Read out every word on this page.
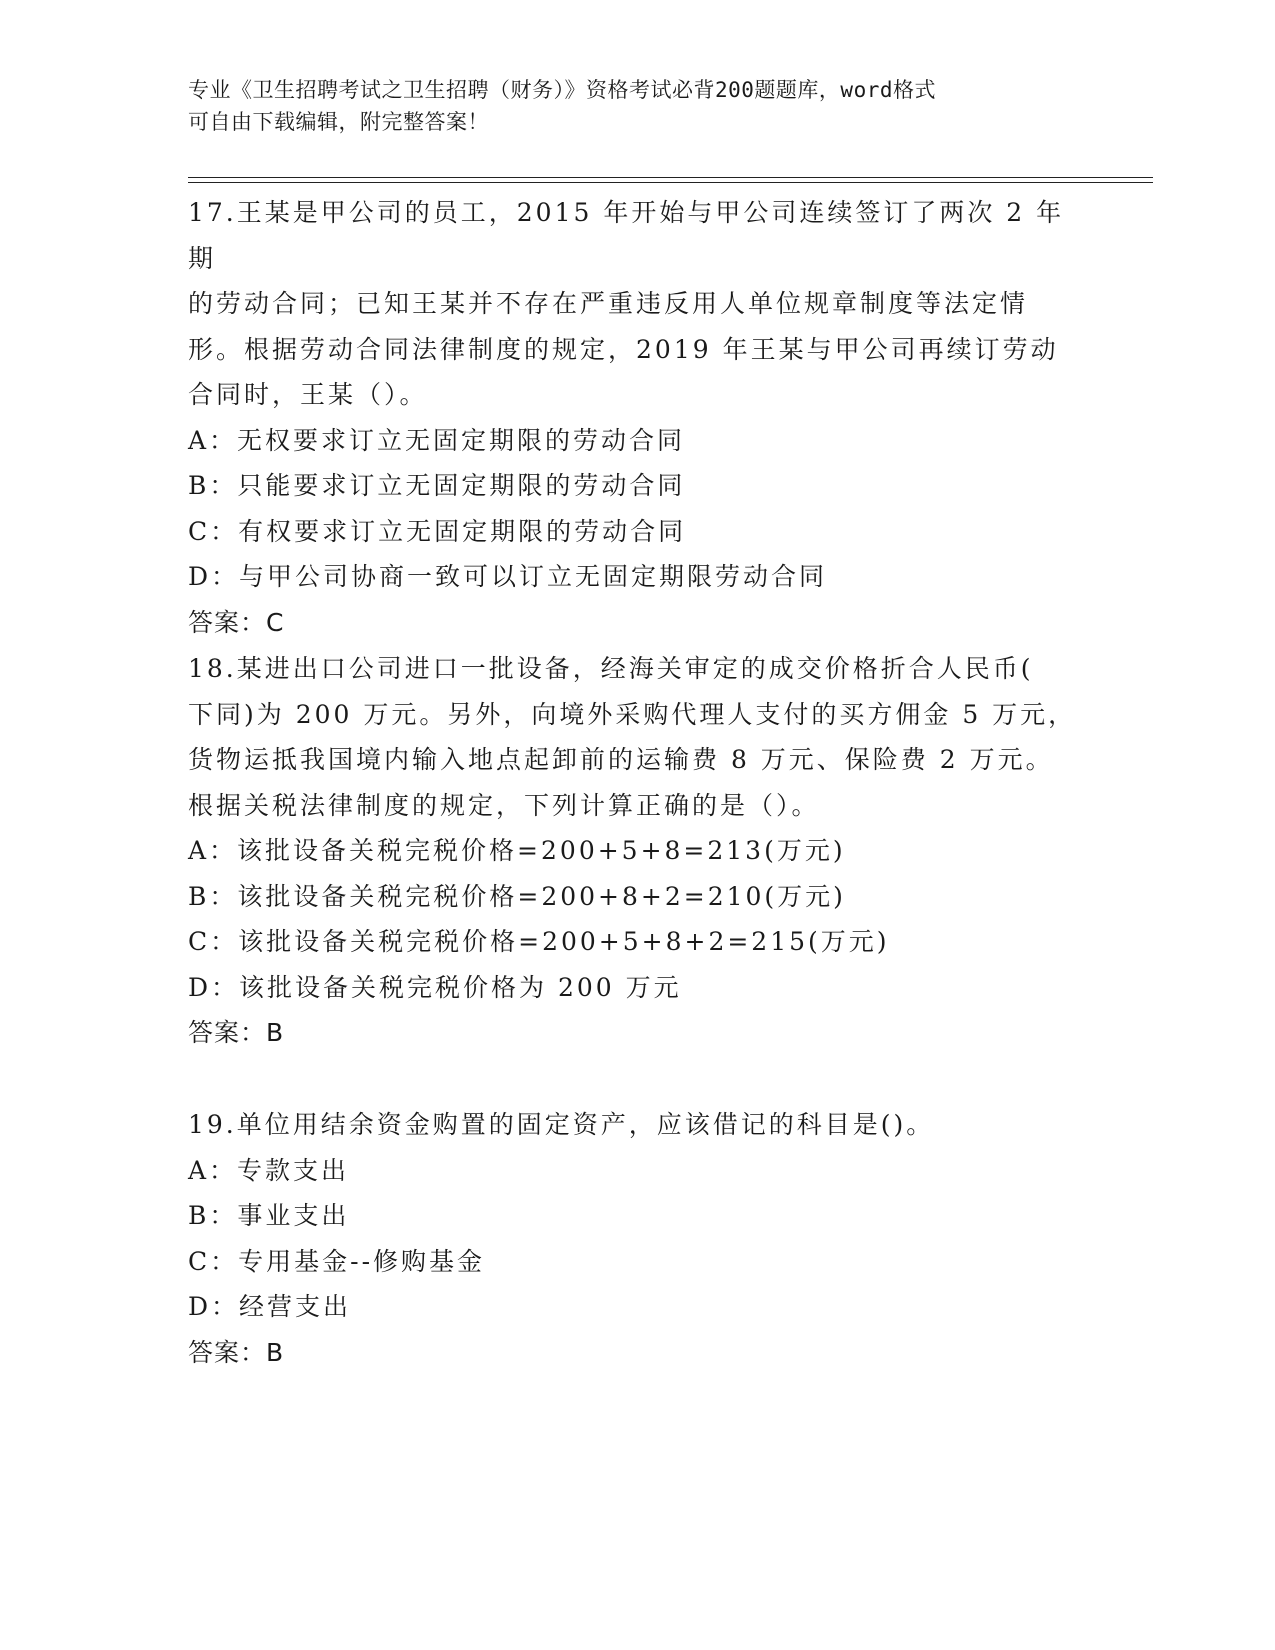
专业《卫生招聘考试之卫生招聘（财务）》资格考试必背200题题库，word格式
可自由下载编辑，附完整答案！

17.王某是甲公司的员工，2015 年开始与甲公司连续签订了两次 2 年期

的劳动合同；已知王某并不存在严重违反用人单位规章制度等法定情

形。根据劳动合同法律制度的规定，2019 年王某与甲公司再续订劳动

合同时，王某（）。

A：无权要求订立无固定期限的劳动合同

B：只能要求订立无固定期限的劳动合同

C：有权要求订立无固定期限的劳动合同

D：与甲公司协商一致可以订立无固定期限劳动合同

答案：C

18.某进出口公司进口一批设备，经海关审定的成交价格折合人民币(

下同)为 200 万元。另外，向境外采购代理人支付的买方佣金 5 万元，

货物运抵我国境内输入地点起卸前的运输费 8 万元、保险费 2 万元。

根据关税法律制度的规定，下列计算正确的是（）。

A：该批设备关税完税价格=200+5+8=213(万元)

B：该批设备关税完税价格=200+8+2=210(万元)

C：该批设备关税完税价格=200+5+8+2=215(万元)

D：该批设备关税完税价格为 200 万元

答案：B

19.单位用结余资金购置的固定资产，应该借记的科目是()。

A：专款支出

B：事业支出

C：专用基金--修购基金

D：经营支出

答案：B
